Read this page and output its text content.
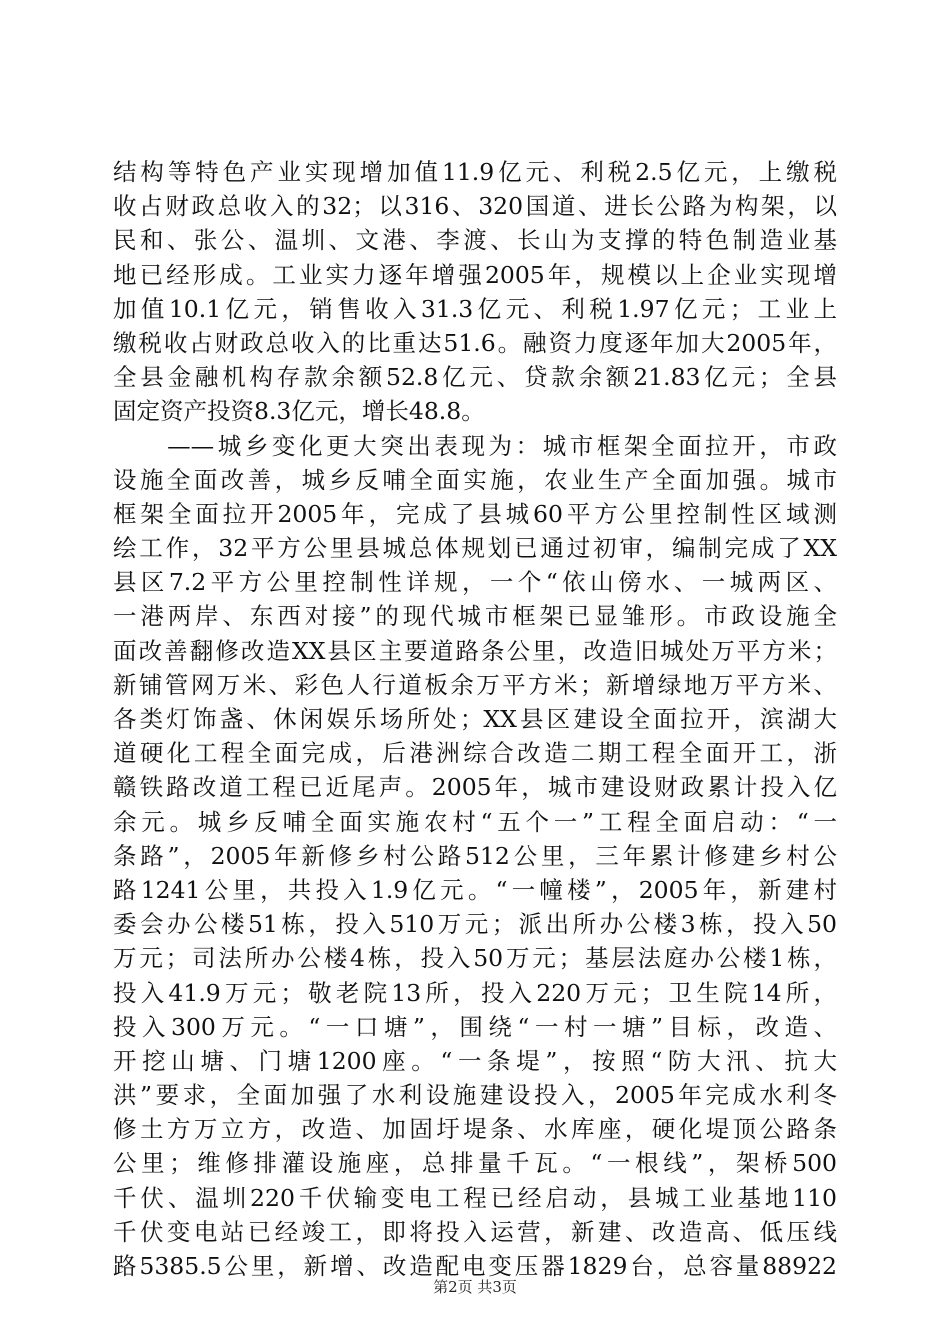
结构等特色产业实现增加值11.9亿元、利税2.5亿元，上缴税
收占财政总收入的32；以316、320国道、进长公路为构架，以
民和、张公、温圳、文港、李渡、长山为支撑的特色制造业基
地已经形成。工业实力逐年增强2005年，规模以上企业实现增
加值10.1亿元，销售收入31.3亿元、利税1.97亿元；工业上
缴税收占财政总收入的比重达51.6。融资力度逐年加大2005年，
全县金融机构存款余额52.8亿元、贷款余额21.83亿元；全县
固定资产投资8.3亿元，增长48.8。
　　——城乡变化更大突出表现为：城市框架全面拉开，市政
设施全面改善，城乡反哺全面实施，农业生产全面加强。城市
框架全面拉开2005年，完成了县城60平方公里控制性区域测
绘工作，32平方公里县城总体规划已通过初审，编制完成了XX
县区7.2平方公里控制性详规，一个“依山傍水、一城两区、
一港两岸、东西对接”的现代城市框架已显雏形。市政设施全
面改善翻修改造XX县区主要道路条公里，改造旧城处万平方米；
新铺管网万米、彩色人行道板余万平方米；新增绿地万平方米、
各类灯饰盏、休闲娱乐场所处；XX县区建设全面拉开，滨湖大
道硬化工程全面完成，后港洲综合改造二期工程全面开工，浙
赣铁路改道工程已近尾声。2005年，城市建设财政累计投入亿
余元。城乡反哺全面实施农村“五个一”工程全面启动：“一
条路”，2005年新修乡村公路512公里，三年累计修建乡村公
路1241公里，共投入1.9亿元。“一幢楼”，2005年，新建村
委会办公楼51栋，投入510万元；派出所办公楼3栋，投入50
万元；司法所办公楼4栋，投入50万元；基层法庭办公楼1栋，
投入41.9万元；敬老院13所，投入220万元；卫生院14所，
投入300万元。“一口塘”，围绕“一村一塘”目标，改造、
开挖山塘、门塘1200座。“一条堤”，按照“防大汛、抗大
洪”要求，全面加强了水利设施建设投入，2005年完成水利冬
修土方万立方，改造、加固圩堤条、水库座，硬化堤顶公路条
公里；维修排灌设施座，总排量千瓦。“一根线”，架桥500
千伏、温圳220千伏输变电工程已经启动，县城工业基地110
千伏变电站已经竣工，即将投入运营，新建、改造高、低压线
路5385.5公里，新增、改造配电变压器1829台，总容量88922
第2页 共3页
